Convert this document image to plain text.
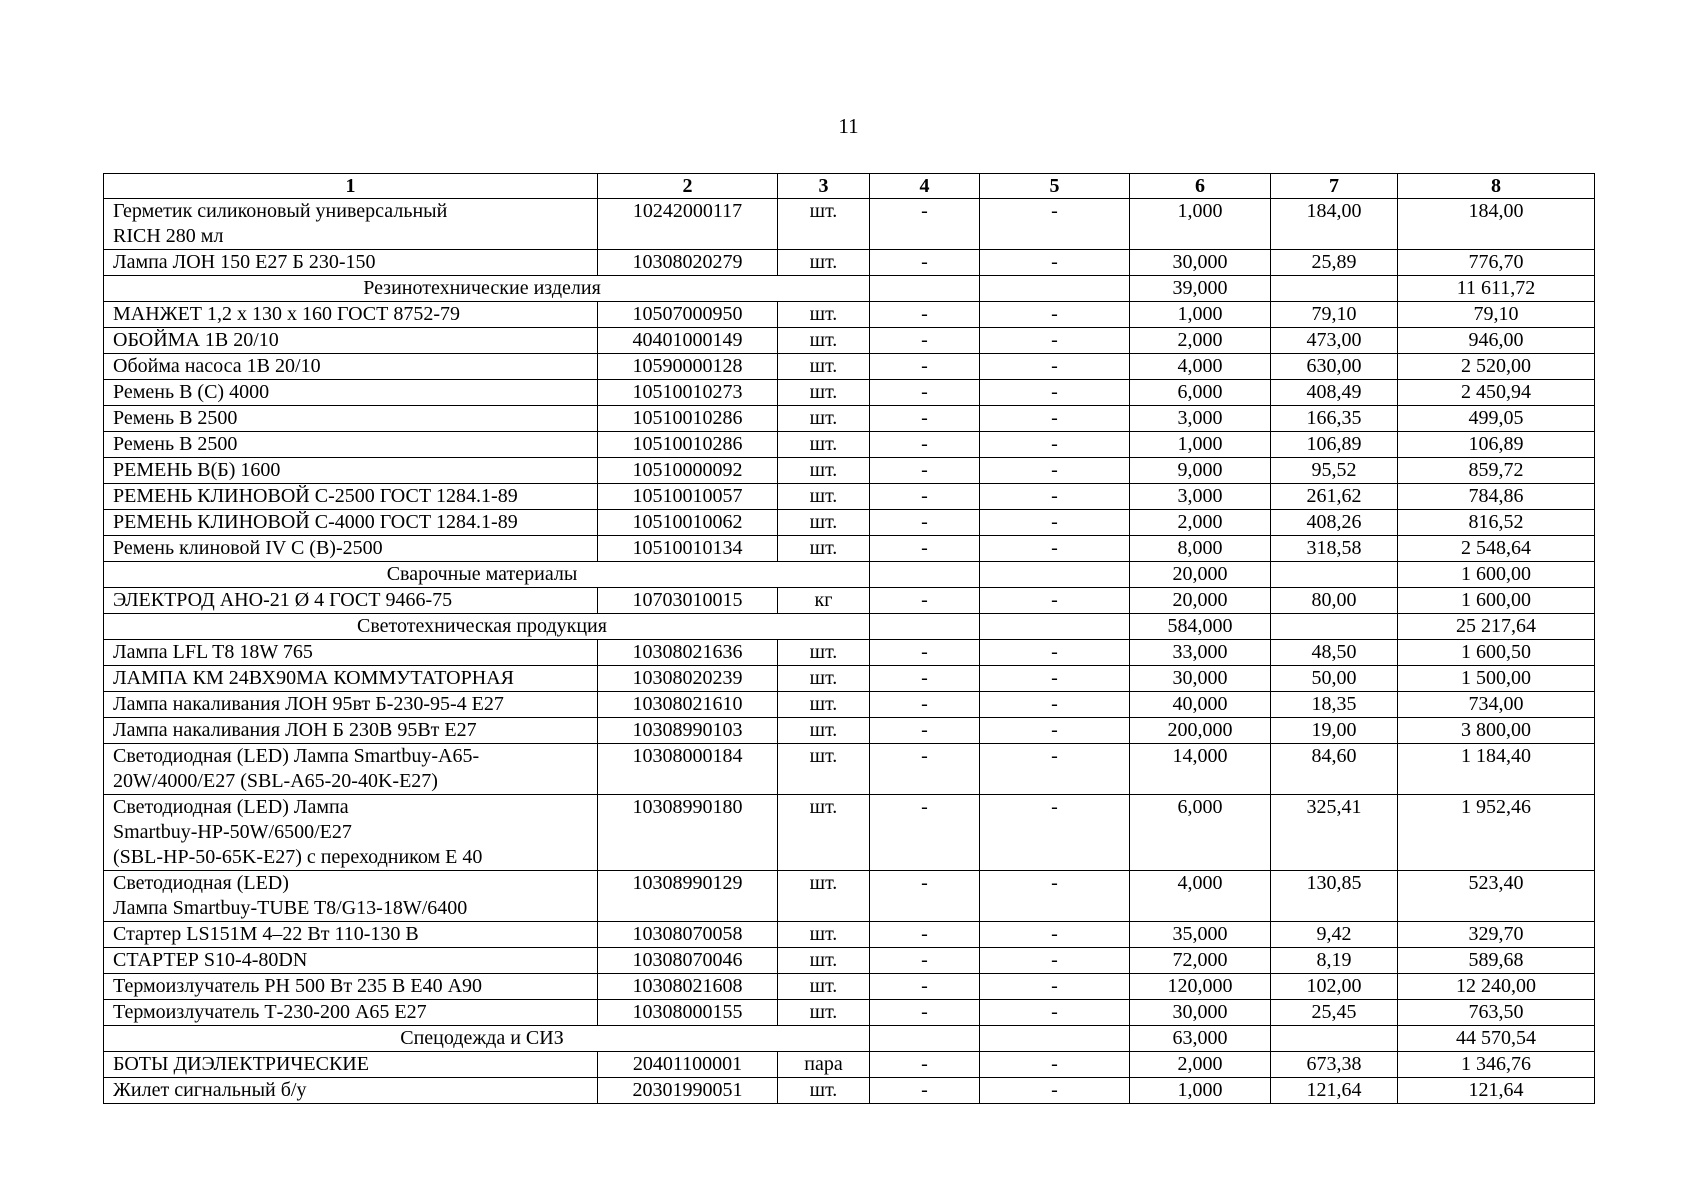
11
1	2	3	4	5	6	7	8
Герметик силиконовый универсальный
RICH 280 мл	10242000117	шт.	-	-	1,000	184,00	184,00
Лампа ЛОН 150 Е27 Б 230-150	10308020279	шт.	-	-	30,000	25,89	776,70
Резинотехнические изделия					39,000		11 611,72
МАНЖЕТ 1,2 х 130 х 160 ГОСТ 8752-79	10507000950	шт.	-	-	1,000	79,10	79,10
ОБОЙМА 1В 20/10	40401000149	шт.	-	-	2,000	473,00	946,00
Обойма насоса 1В 20/10	10590000128	шт.	-	-	4,000	630,00	2 520,00
Ремень В (С) 4000	10510010273	шт.	-	-	6,000	408,49	2 450,94
Ремень В 2500	10510010286	шт.	-	-	3,000	166,35	499,05
Ремень В 2500	10510010286	шт.	-	-	1,000	106,89	106,89
РЕМЕНЬ В(Б) 1600	10510000092	шт.	-	-	9,000	95,52	859,72
РЕМЕНЬ КЛИНОВОЙ С-2500 ГОСТ 1284.1-89	10510010057	шт.	-	-	3,000	261,62	784,86
РЕМЕНЬ КЛИНОВОЙ С-4000 ГОСТ 1284.1-89	10510010062	шт.	-	-	2,000	408,26	816,52
Ремень клиновой IV С (В)-2500	10510010134	шт.	-	-	8,000	318,58	2 548,64
Сварочные материалы					20,000		1 600,00
ЭЛЕКТРОД АНО-21 Ø 4 ГОСТ 9466-75	10703010015	кг	-	-	20,000	80,00	1 600,00
Светотехническая продукция					584,000		25 217,64
Лампа LFL T8 18W 765	10308021636	шт.	-	-	33,000	48,50	1 600,50
ЛАМПА КМ 24ВХ90МА КОММУТАТОРНАЯ	10308020239	шт.	-	-	30,000	50,00	1 500,00
Лампа накаливания ЛОН 95вт Б-230-95-4 Е27	10308021610	шт.	-	-	40,000	18,35	734,00
Лампа накаливания ЛОН Б 230В 95Вт Е27	10308990103	шт.	-	-	200,000	19,00	3 800,00
Светодиодная (LED) Лампа Smartbuy-A65-
20W/4000/E27 (SBL-A65-20-40K-E27)	10308000184	шт.	-	-	14,000	84,60	1 184,40
Светодиодная (LED) Лампа
Smartbuy-HP-50W/6500/E27
(SBL-HP-50-65K-E27) с переходником Е 40	10308990180	шт.	-	-	6,000	325,41	1 952,46
Светодиодная (LED)
Лампа Smartbuy-TUBE T8/G13-18W/6400	10308990129	шт.	-	-	4,000	130,85	523,40
Стартер LS151M 4–22 Вт 110-130 В	10308070058	шт.	-	-	35,000	9,42	329,70
СТАРТЕР S10-4-80DN	10308070046	шт.	-	-	72,000	8,19	589,68
Термоизлучатель РН 500 Вт 235 В Е40 А90	10308021608	шт.	-	-	120,000	102,00	12 240,00
Термоизлучатель Т-230-200 А65 Е27	10308000155	шт.	-	-	30,000	25,45	763,50
Спецодежда и СИЗ					63,000		44 570,54
БОТЫ ДИЭЛЕКТРИЧЕСКИЕ	20401100001	пара	-	-	2,000	673,38	1 346,76
Жилет сигнальный б/у	20301990051	шт.	-	-	1,000	121,64	121,64
